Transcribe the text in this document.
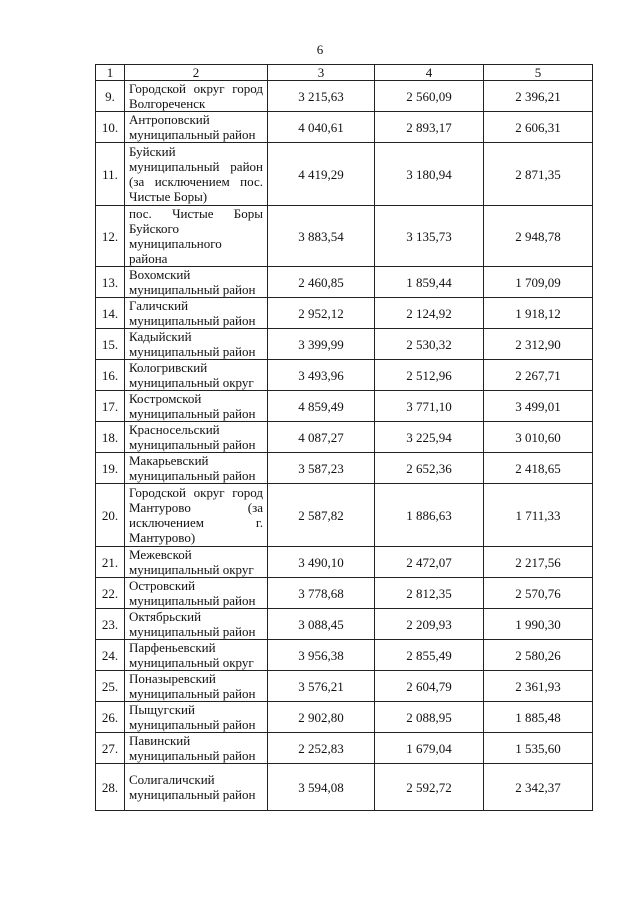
6
1	2	3	4	5
9.	Городской округ город Волгореченск	3 215,63	2 560,09	2 396,21
10.	Антроповский муниципальный район	4 040,61	2 893,17	2 606,31
11.	Буйский муниципальный район (за исключением пос. Чистые Боры)	4 419,29	3 180,94	2 871,35
12.	пос. Чистые Боры Буйского муниципального района	3 883,54	3 135,73	2 948,78
13.	Вохомский муниципальный район	2 460,85	1 859,44	1 709,09
14.	Галичский муниципальный район	2 952,12	2 124,92	1 918,12
15.	Кадыйский муниципальный район	3 399,99	2 530,32	2 312,90
16.	Кологривский муниципальный округ	3 493,96	2 512,96	2 267,71
17.	Костромской муниципальный район	4 859,49	3 771,10	3 499,01
18.	Красносельский муниципальный район	4 087,27	3 225,94	3 010,60
19.	Макарьевский муниципальный район	3 587,23	2 652,36	2 418,65
20.	Городской округ город Мантурово (за исключением г. Мантурово)	2 587,82	1 886,63	1 711,33
21.	Межевской муниципальный округ	3 490,10	2 472,07	2 217,56
22.	Островский муниципальный район	3 778,68	2 812,35	2 570,76
23.	Октябрьский муниципальный район	3 088,45	2 209,93	1 990,30
24.	Парфеньевский муниципальный округ	3 956,38	2 855,49	2 580,26
25.	Поназыревский муниципальный район	3 576,21	2 604,79	2 361,93
26.	Пыщугский муниципальный район	2 902,80	2 088,95	1 885,48
27.	Павинский муниципальный район	2 252,83	1 679,04	1 535,60
28.	Солигаличский муниципальный район	3 594,08	2 592,72	2 342,37
